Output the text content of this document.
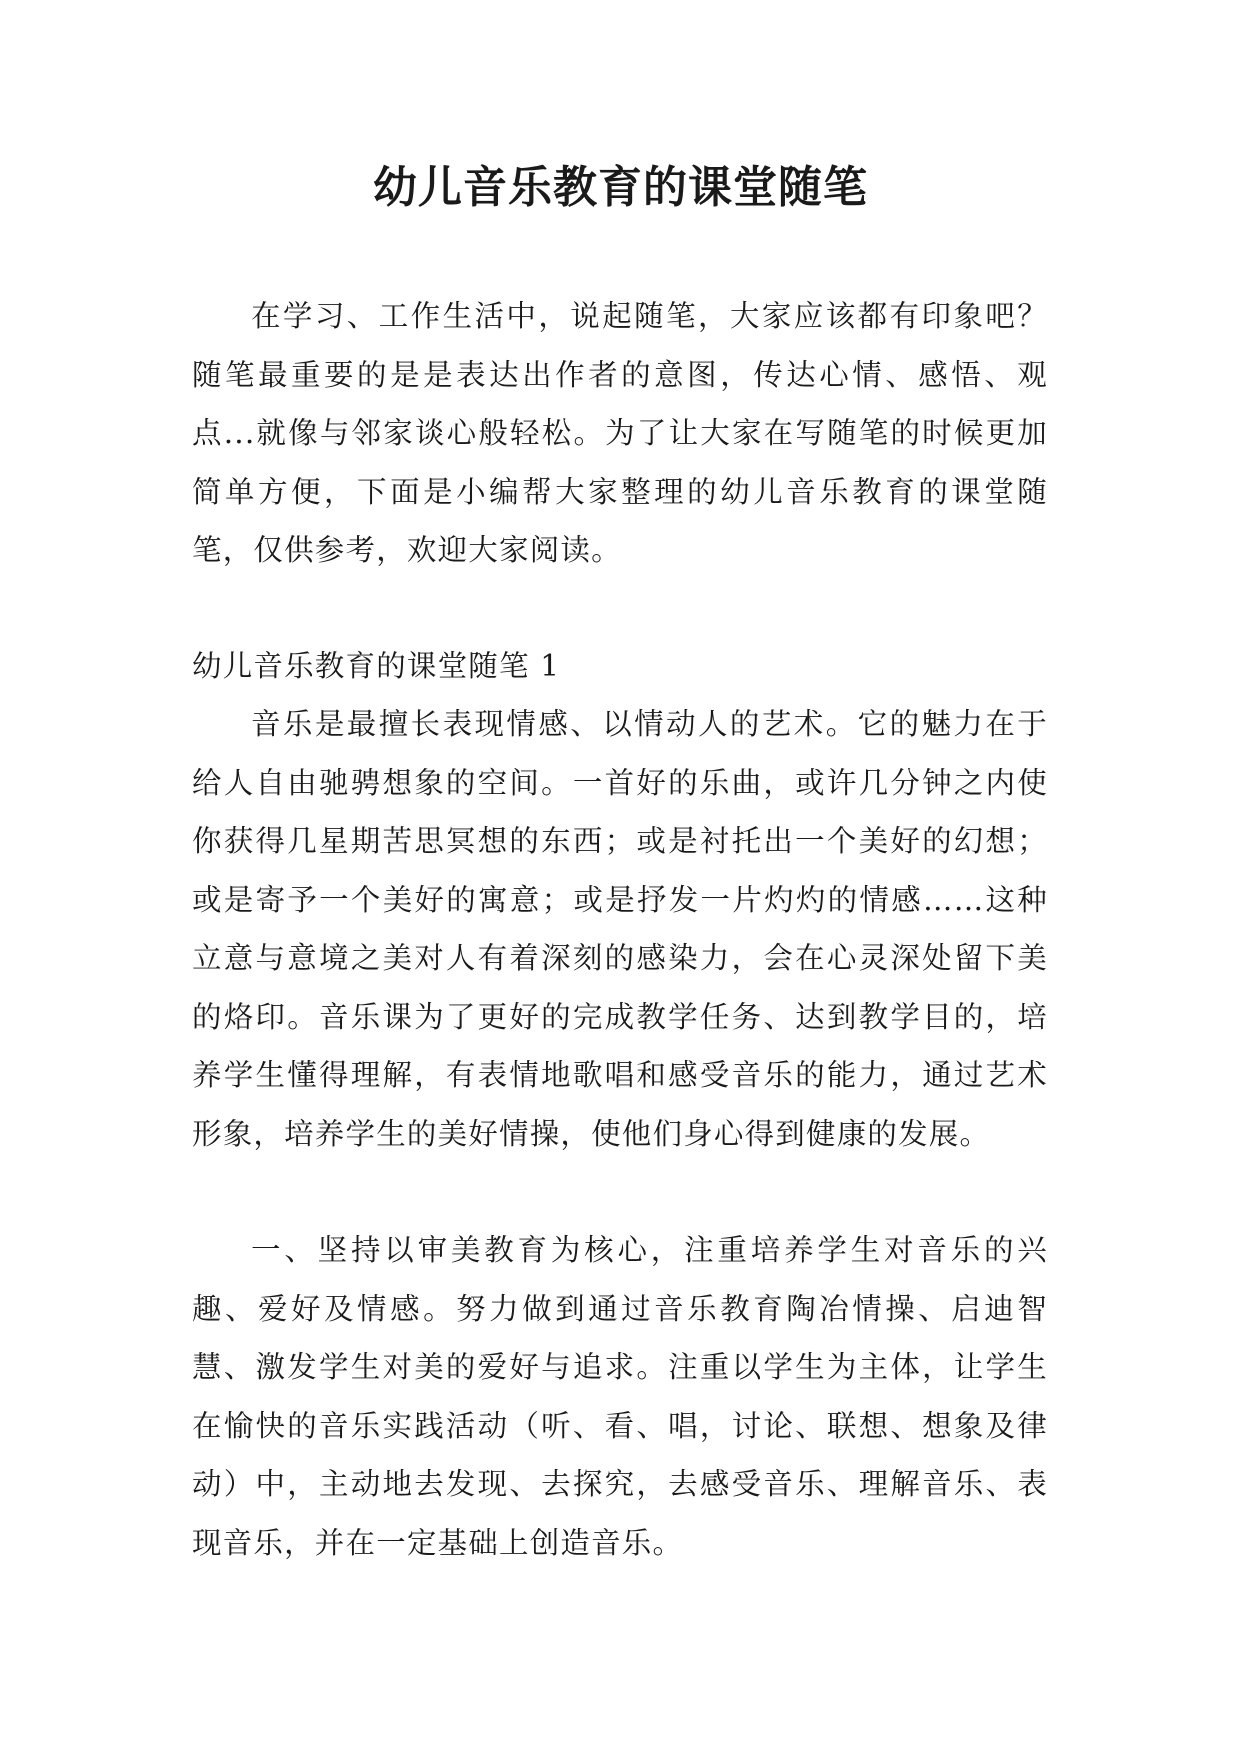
幼儿音乐教育的课堂随笔

在学习、工作生活中，说起随笔，大家应该都有印象吧？随笔最重要的是是表达出作者的意图，传达心情、感悟、观点...就像与邻家谈心般轻松。为了让大家在写随笔的时候更加简单方便，下面是小编帮大家整理的幼儿音乐教育的课堂随笔，仅供参考，欢迎大家阅读。

幼儿音乐教育的课堂随笔 1

音乐是最擅长表现情感、以情动人的艺术。它的魅力在于给人自由驰骋想象的空间。一首好的乐曲，或许几分钟之内使你获得几星期苦思冥想的东西；或是衬托出一个美好的幻想；或是寄予一个美好的寓意；或是抒发一片灼灼的情感……这种立意与意境之美对人有着深刻的感染力，会在心灵深处留下美的烙印。音乐课为了更好的完成教学任务、达到教学目的，培养学生懂得理解，有表情地歌唱和感受音乐的能力，通过艺术形象，培养学生的美好情操，使他们身心得到健康的发展。

一、坚持以审美教育为核心，注重培养学生对音乐的兴趣、爱好及情感。努力做到通过音乐教育陶冶情操、启迪智慧、激发学生对美的爱好与追求。注重以学生为主体，让学生在愉快的音乐实践活动（听、看、唱，讨论、联想、想象及律动）中，主动地去发现、去探究，去感受音乐、理解音乐、表现音乐，并在一定基础上创造音乐。
